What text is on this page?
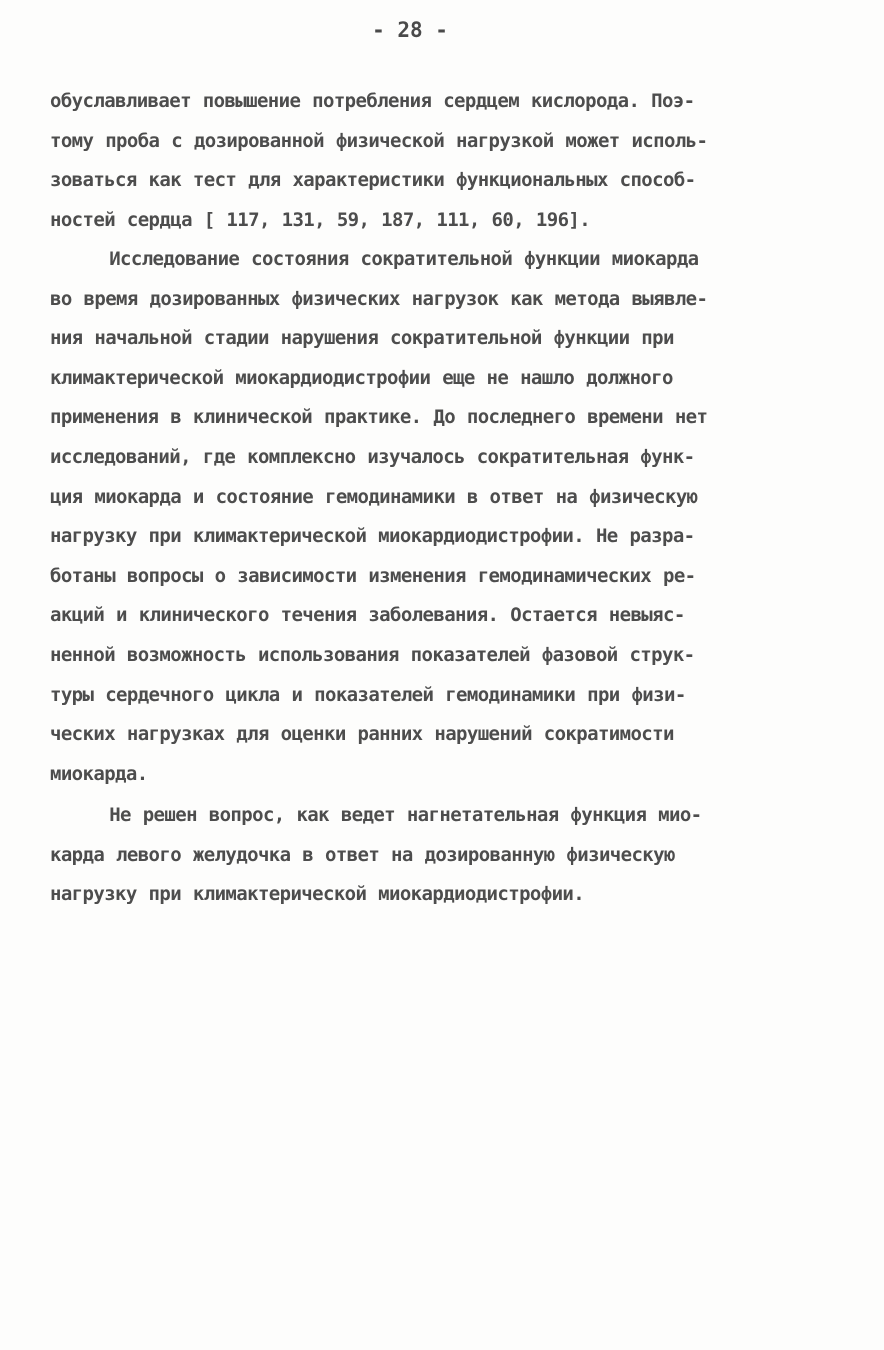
- 28 -
обуславливает повышение потребления сердцем кислорода. Поэ-
тому проба с дозированной физической нагрузкой может исполь-
зоваться как тест для характеристики функциональных способ-
ностей сердца [ 117, 131, 59, 187, 111, 60, 196].
Исследование состояния сократительной функции миокарда
во время дозированных физических нагрузок как метода выявле-
ния начальной стадии нарушения сократительной функции при
климактерической миокардиодистрофии еще не нашло должного
применения в клинической практике. До последнего времени нет
исследований, где комплексно изучалось сократительная функ-
ция миокарда и состояние гемодинамики в ответ на физическую
нагрузку при климактерической миокардиодистрофии. Не разра-
ботаны вопросы о зависимости изменения гемодинамических ре-
акций и клинического течения заболевания. Остается невыяс-
ненной возможность использования показателей фазовой струк-
туры сердечного цикла и показателей гемодинамики при физи-
ческих нагрузках для оценки ранних нарушений сократимости
миокарда.
Не решен вопрос, как ведет нагнетательная функция мио-
карда левого желудочка в ответ на дозированную физическую
нагрузку при климактерической миокардиодистрофии.
